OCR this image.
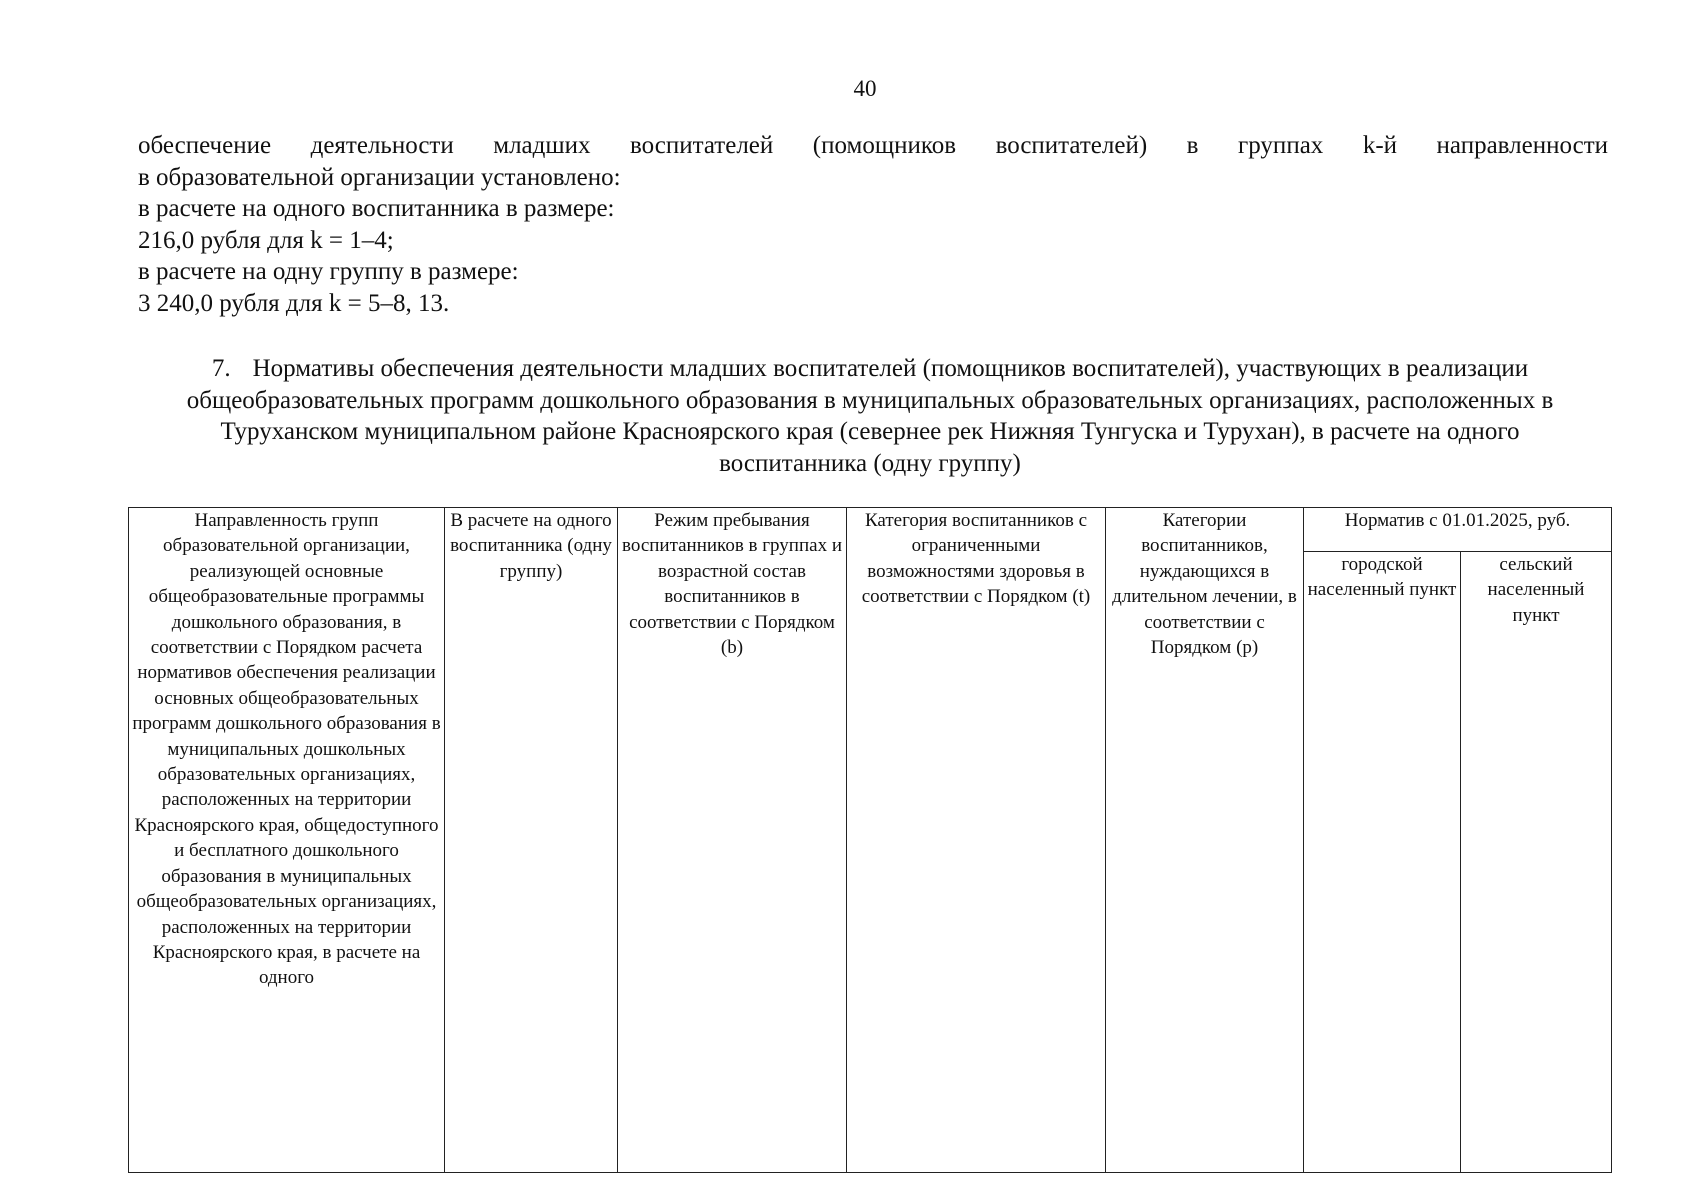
40
обеспечение деятельности младших воспитателей (помощников воспитателей) в группах k-й направленности
в образовательной организации установлено:
в расчете на одного воспитанника в размере:
216,0 рубля для k = 1–4;
в расчете на одну группу в размере:
3 240,0 рубля для k = 5–8, 13.
7. Нормативы обеспечения деятельности младших воспитателей (помощников воспитателей), участвующих в реализации общеобразовательных программ дошкольного образования в муниципальных образовательных организациях, расположенных в Туруханском муниципальном районе Красноярского края (севернее рек Нижняя Тунгуска и Турухан), в расчете на одного воспитанника (одну группу)
Направленность групп образовательной организации, реализующей основные общеобразовательные программы дошкольного образования, в соответствии с Порядком расчета нормативов обеспечения реализации основных общеобразовательных программ дошкольного образования в муниципальных дошкольных образовательных организациях, расположенных на территории Красноярского края, общедоступного и бесплатного дошкольного образования в муниципальных общеобразовательных организациях, расположенных на территории Красноярского края, в расчете на одного	В расчете на одного воспитанника (одну группу)	Режим пребывания воспитанников в группах и возрастной состав воспитанников в соответствии с Порядком (b)	Категория воспитанников с ограниченными возможностями здоровья в соответствии с Порядком (t)	Категории воспитанников, нуждающихся в длительном лечении, в соответствии с Порядком (p)	Норматив с 01.01.2025, руб.	

					городской населенный пункт	сельский населенный пункт
